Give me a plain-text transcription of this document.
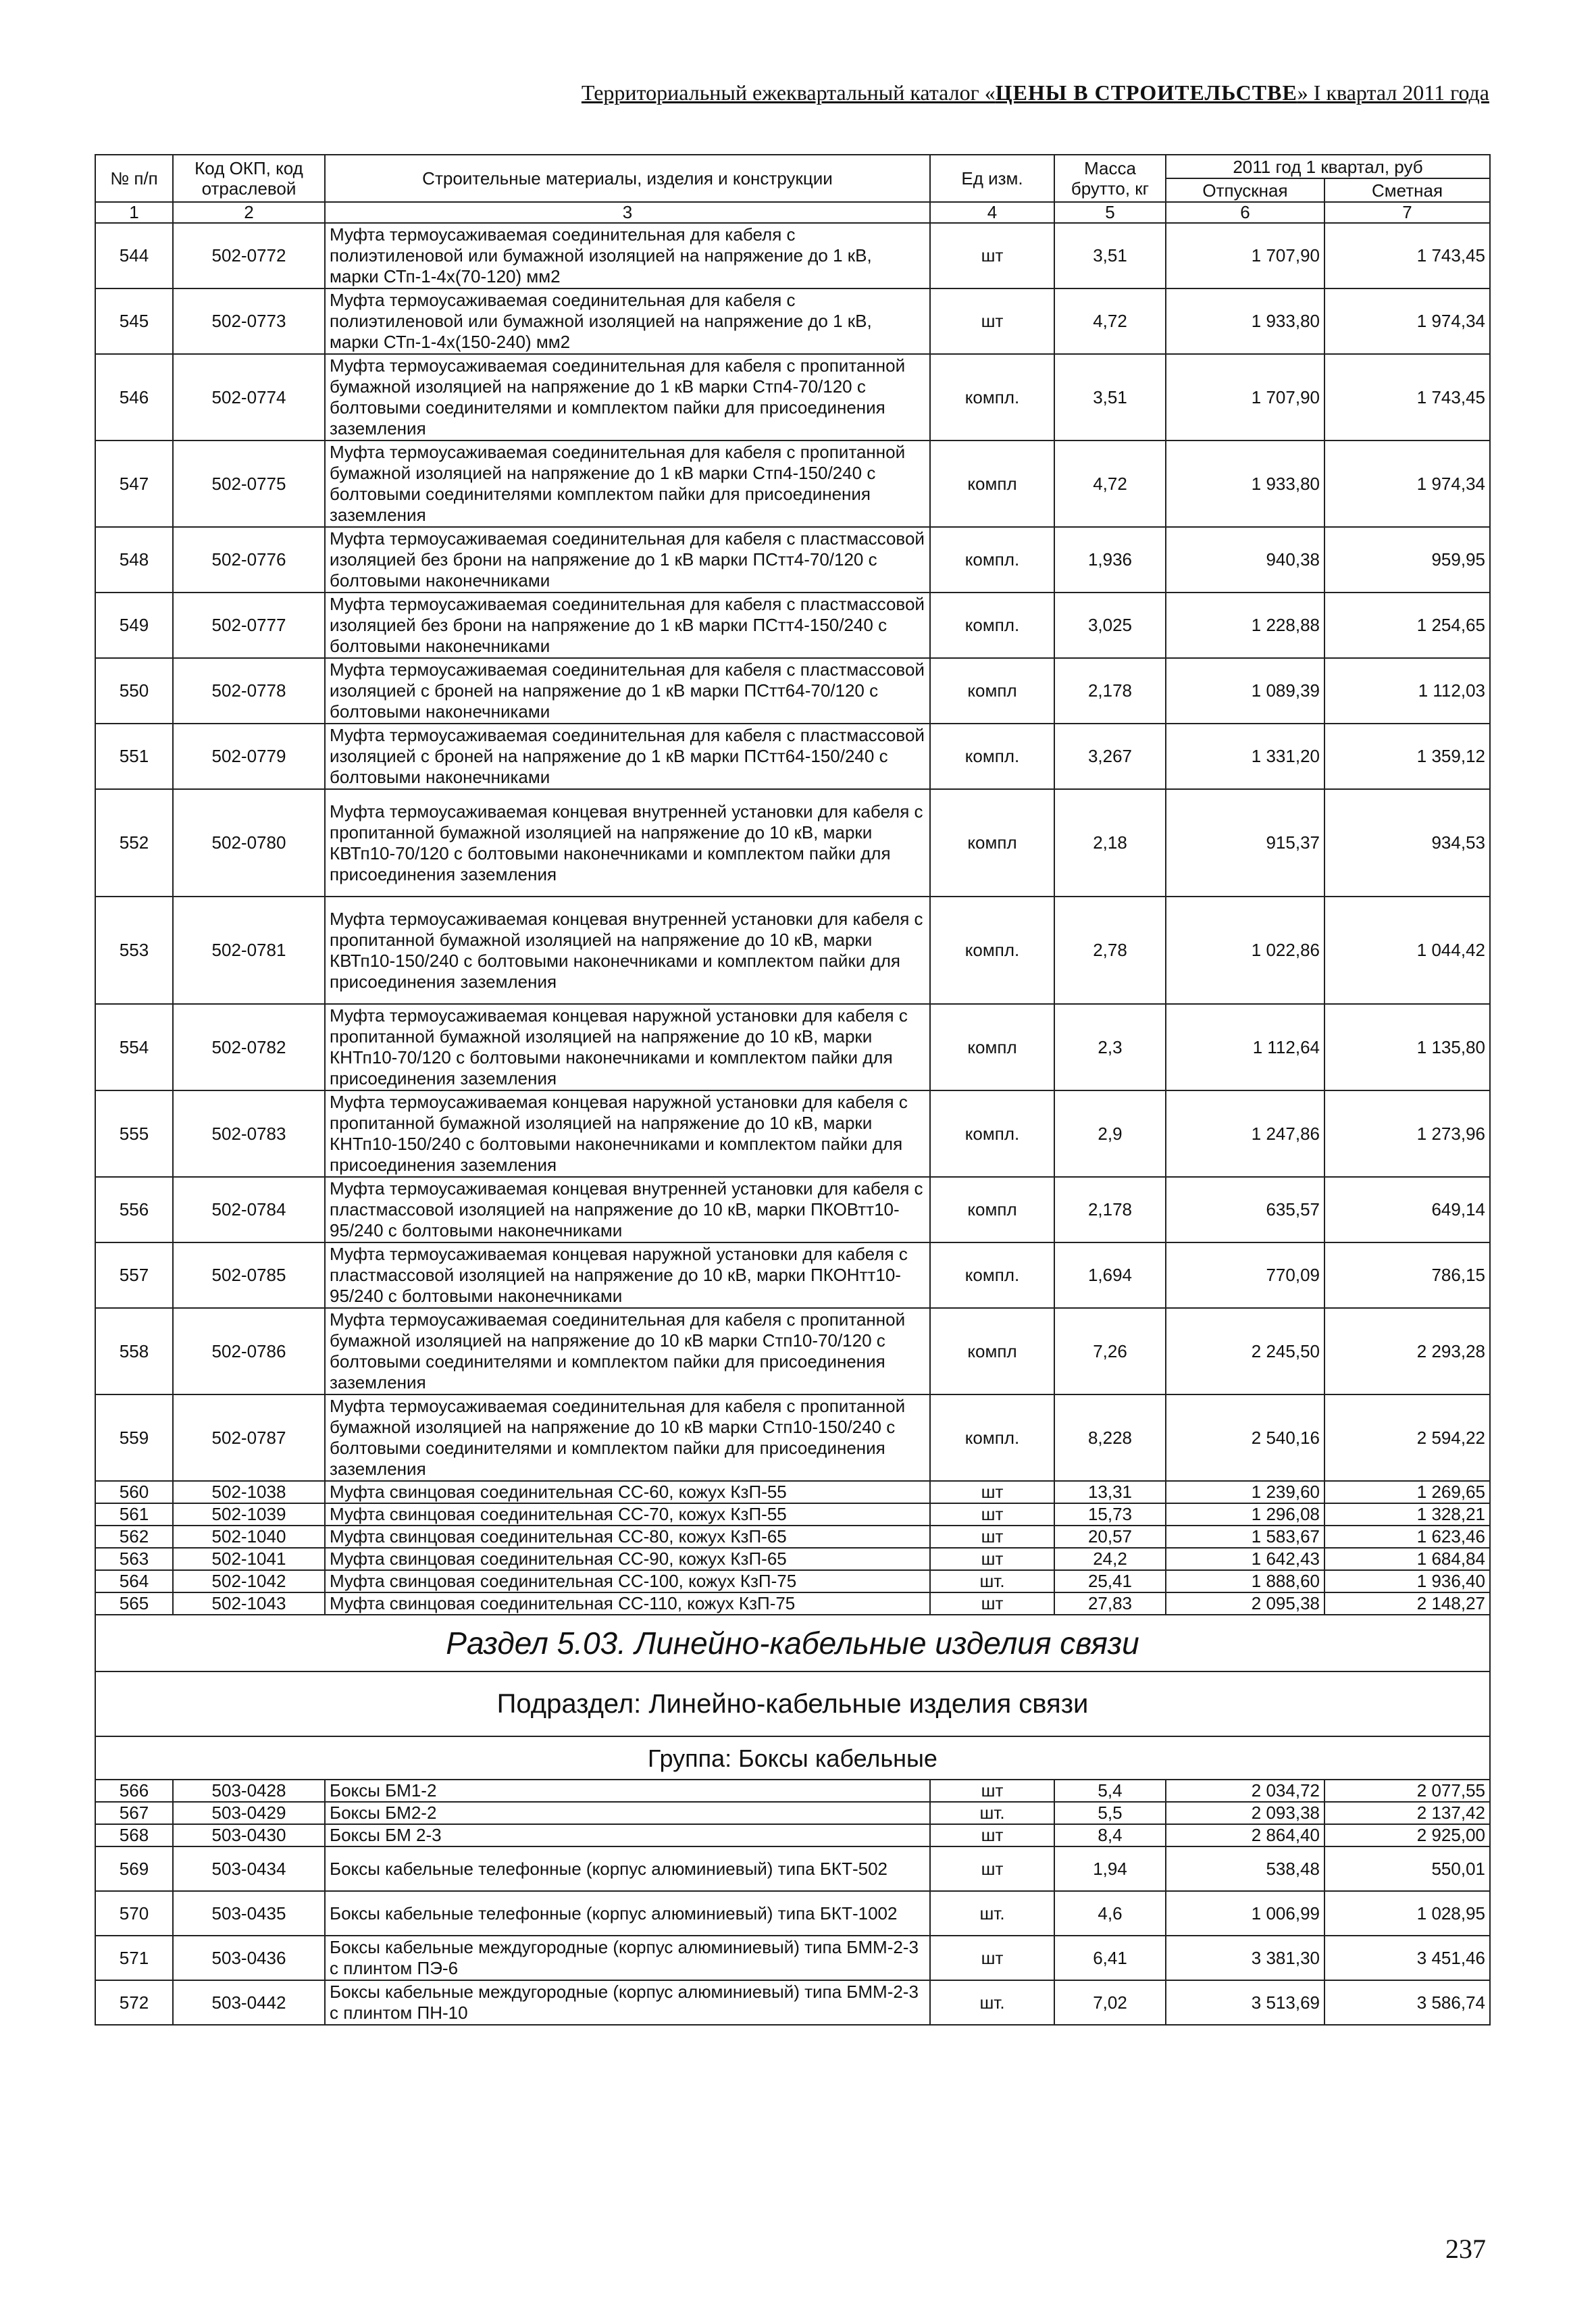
Территориальный ежеквартальный каталог «ЦЕНЫ В СТРОИТЕЛЬСТВЕ» I квартал 2011 года
№ п/п	Код ОКП, код отраслевой	Строительные материалы, изделия и конструкции	Ед изм.	Масса брутто, кг	2011 год 1 квартал, руб	
					Отпускная	Сметная
1	2	3	4	5	6	7
544	502-0772	Муфта термоусаживаемая соединительная для кабеля с полиэтиленовой или бумажной изоляцией на напряжение до 1 кВ, марки СТп-1-4х(70-120) мм2	шт	3,51	1 707,90	1 743,45
545	502-0773	Муфта термоусаживаемая соединительная для кабеля с полиэтиленовой или бумажной изоляцией на напряжение до 1 кВ, марки СТп-1-4х(150-240) мм2	шт	4,72	1 933,80	1 974,34
546	502-0774	Муфта термоусаживаемая соединительная для кабеля с пропитанной бумажной изоляцией на напряжение до 1 кВ марки Стп4-70/120 с болтовыми соединителями и комплектом пайки для присоединения заземления	компл.	3,51	1 707,90	1 743,45
547	502-0775	Муфта термоусаживаемая соединительная для кабеля с пропитанной бумажной изоляцией на напряжение до 1 кВ марки Стп4-150/240 с болтовыми соединителями комплектом пайки для присоединения заземления	компл	4,72	1 933,80	1 974,34
548	502-0776	Муфта термоусаживаемая соединительная для кабеля с пластмассовой изоляцией без брони на напряжение до 1 кВ марки ПСтт4-70/120 с болтовыми наконечниками	компл.	1,936	940,38	959,95
549	502-0777	Муфта термоусаживаемая соединительная для кабеля с пластмассовой изоляцией без брони на напряжение до 1 кВ марки ПСтт4-150/240 с болтовыми наконечниками	компл.	3,025	1 228,88	1 254,65
550	502-0778	Муфта термоусаживаемая соединительная для кабеля с пластмассовой изоляцией с броней на напряжение до 1 кВ марки ПСтт64-70/120 с болтовыми наконечниками	компл	2,178	1 089,39	1 112,03
551	502-0779	Муфта термоусаживаемая соединительная для кабеля с пластмассовой изоляцией с броней на напряжение до 1 кВ марки ПСтт64-150/240 с болтовыми наконечниками	компл.	3,267	1 331,20	1 359,12
552	502-0780	Муфта термоусаживаемая концевая внутренней установки для кабеля с пропитанной бумажной изоляцией на напряжение до 10 кВ, марки КВТп10-70/120 с болтовыми наконечниками и комплектом пайки для присоединения заземления	компл	2,18	915,37	934,53
553	502-0781	Муфта термоусаживаемая концевая внутренней установки для кабеля с пропитанной бумажной изоляцией на напряжение до 10 кВ, марки КВТп10-150/240 с болтовыми наконечниками и комплектом пайки для присоединения заземления	компл.	2,78	1 022,86	1 044,42
554	502-0782	Муфта термоусаживаемая концевая наружной установки для кабеля с пропитанной бумажной изоляцией на напряжение до 10 кВ, марки КНТп10-70/120 с болтовыми наконечниками и комплектом пайки для присоединения заземления	компл	2,3	1 112,64	1 135,80
555	502-0783	Муфта термоусаживаемая концевая наружной установки для кабеля с пропитанной бумажной изоляцией на напряжение до 10 кВ, марки КНТп10-150/240 с болтовыми наконечниками и комплектом пайки для присоединения заземления	компл.	2,9	1 247,86	1 273,96
556	502-0784	Муфта термоусаживаемая концевая внутренней установки для кабеля с пластмассовой изоляцией на напряжение до 10 кВ, марки ПКОВтт10-95/240 с болтовыми наконечниками	компл	2,178	635,57	649,14
557	502-0785	Муфта термоусаживаемая концевая наружной установки для кабеля с пластмассовой изоляцией на напряжение до 10 кВ, марки ПКОНтт10-95/240 с болтовыми наконечниками	компл.	1,694	770,09	786,15
558	502-0786	Муфта термоусаживаемая соединительная для кабеля с пропитанной бумажной изоляцией на напряжение до 10 кВ марки Стп10-70/120 с болтовыми соединителями и комплектом пайки для присоединения заземления	компл	7,26	2 245,50	2 293,28
559	502-0787	Муфта термоусаживаемая соединительная для кабеля с пропитанной бумажной изоляцией на напряжение до 10 кВ марки Стп10-150/240 с болтовыми соединителями и комплектом пайки для присоединения заземления	компл.	8,228	2 540,16	2 594,22
560	502-1038	Муфта свинцовая соединительная СС-60, кожух КзП-55	шт	13,31	1 239,60	1 269,65
561	502-1039	Муфта свинцовая соединительная СС-70, кожух КзП-55	шт	15,73	1 296,08	1 328,21
562	502-1040	Муфта свинцовая соединительная СС-80, кожух КзП-65	шт	20,57	1 583,67	1 623,46
563	502-1041	Муфта свинцовая соединительная СС-90, кожух КзП-65	шт	24,2	1 642,43	1 684,84
564	502-1042	Муфта свинцовая соединительная СС-100, кожух КзП-75	шт.	25,41	1 888,60	1 936,40
565	502-1043	Муфта свинцовая соединительная СС-110, кожух КзП-75	шт	27,83	2 095,38	2 148,27
Раздел 5.03. Линейно-кабельные изделия связи						
Подраздел: Линейно-кабельные изделия связи						
Группа: Боксы кабельные						
566	503-0428	Боксы БМ1-2	шт	5,4	2 034,72	2 077,55
567	503-0429	Боксы БМ2-2	шт.	5,5	2 093,38	2 137,42
568	503-0430	Боксы БМ 2-3	шт	8,4	2 864,40	2 925,00
569	503-0434	Боксы кабельные телефонные (корпус алюминиевый) типа БКТ-502	шт	1,94	538,48	550,01
570	503-0435	Боксы кабельные телефонные (корпус алюминиевый) типа БКТ-1002	шт.	4,6	1 006,99	1 028,95
571	503-0436	Боксы кабельные междугородные (корпус алюминиевый) типа БММ-2-3 с плинтом ПЭ-6	шт	6,41	3 381,30	3 451,46
572	503-0442	Боксы кабельные междугородные (корпус алюминиевый) типа БММ-2-3 с плинтом ПН-10	шт.	7,02	3 513,69	3 586,74
237
